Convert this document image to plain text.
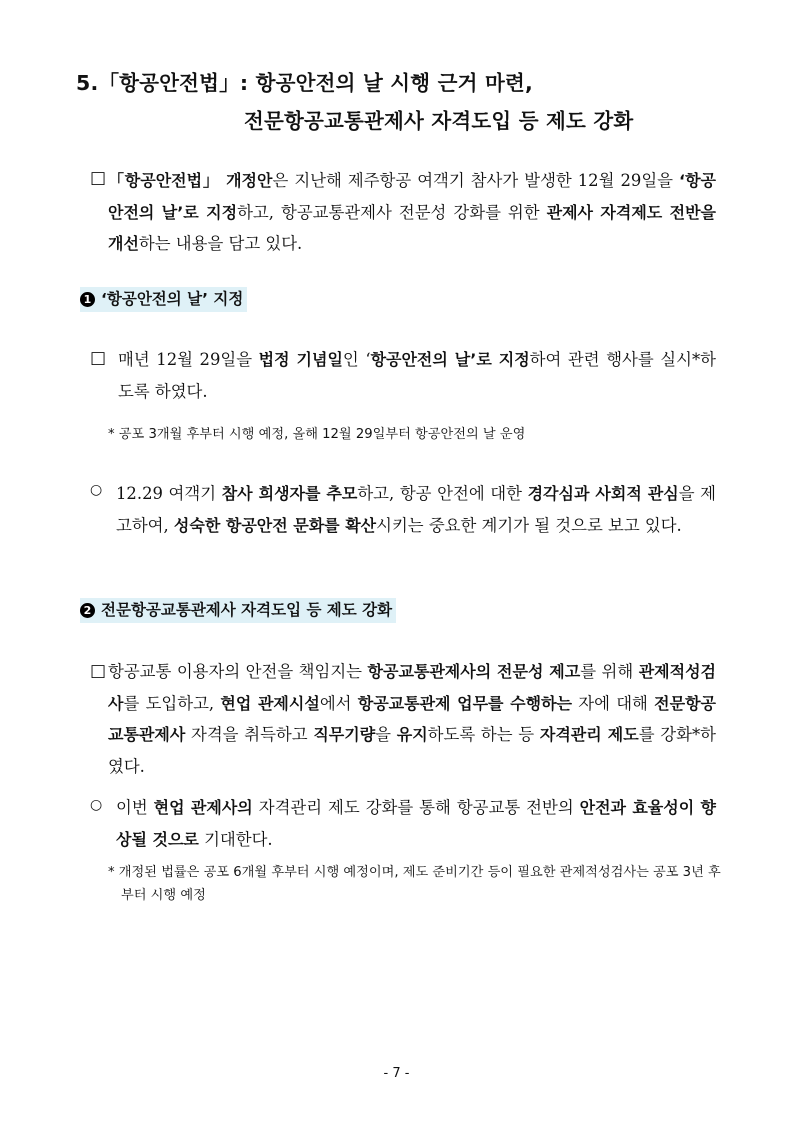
5.「항공안전법」: 항공안전의 날 시행 근거 마련,
전문항공교통관제사 자격도입 등 제도 강화
□ 「항공안전법」 개정안은 지난해 제주항공 여객기 참사가 발생한 12월 29일을 ‘항공안전의 날’로 지정하고, 항공교통관제사 전문성 강화를 위한 관제사 자격제도 전반을 개선하는 내용을 담고 있다.
1 ‘항공안전의 날’ 지정
□ 매년 12월 29일을 법정 기념일인 ‘항공안전의 날’로 지정하여 관련 행사를 실시*하도록 하였다.
* 공포 3개월 후부터 시행 예정, 올해 12월 29일부터 항공안전의 날 운영
○ 12.29 여객기 참사 희생자를 추모하고, 항공 안전에 대한 경각심과 사회적 관심을 제고하여, 성숙한 항공안전 문화를 확산시키는 중요한 계기가 될 것으로 보고 있다.
2 전문항공교통관제사 자격도입 등 제도 강화
□ 항공교통 이용자의 안전을 책임지는 항공교통관제사의 전문성 제고를 위해 관제적성검사를 도입하고, 현업 관제시설에서 항공교통관제 업무를 수행하는 자에 대해 전문항공교통관제사 자격을 취득하고 직무기량을 유지하도록 하는 등 자격관리 제도를 강화*하였다.
○ 이번 현업 관제사의 자격관리 제도 강화를 통해 항공교통 전반의 안전과 효율성이 향상될 것으로 기대한다.
* 개정된 법률은 공포 6개월 후부터 시행 예정이며, 제도 준비기간 등이 필요한 관제적성검사는 공포 3년 후부터 시행 예정
- 7 -
